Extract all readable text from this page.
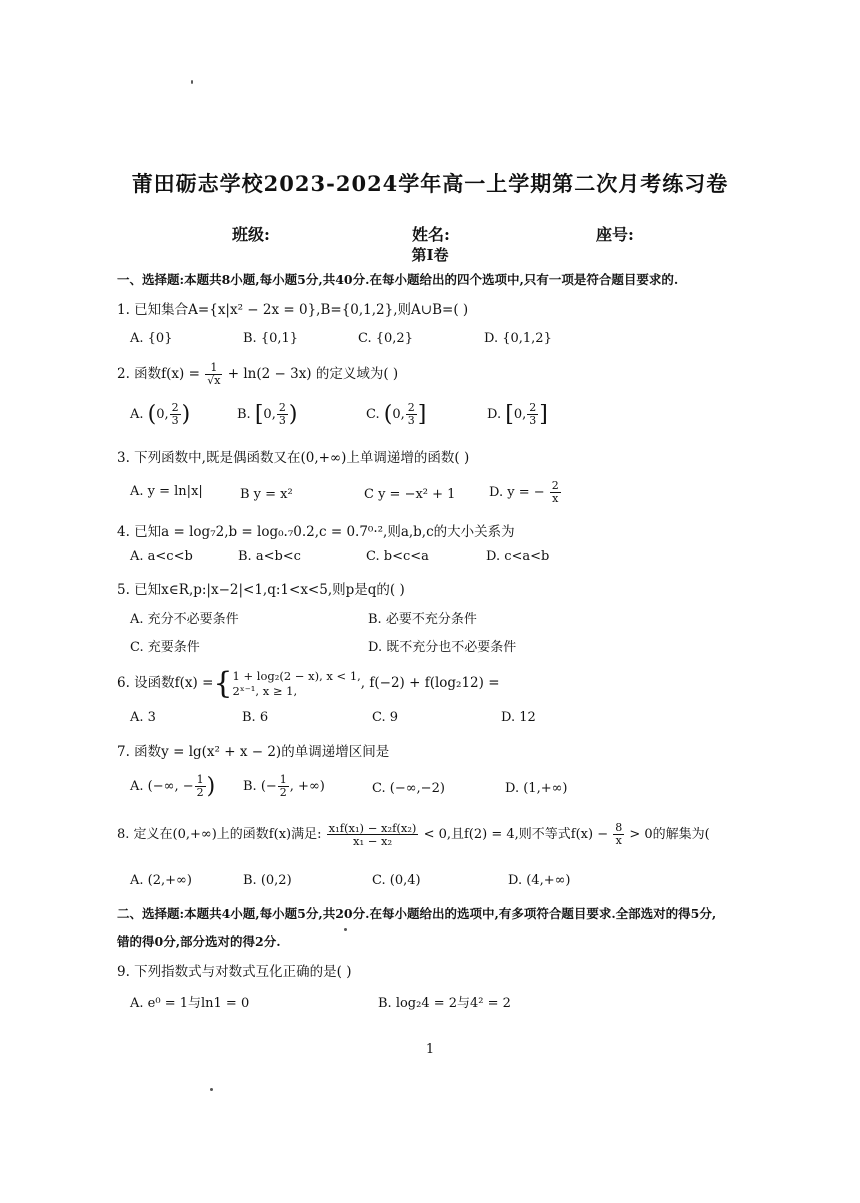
莆田砺志学校2023-2024学年高一上学期第二次月考练习卷
班级:	姓名:	座号:
第I卷
一、选择题:本题共8小题,每小题5分,共40分.在每小题给出的四个选项中,只有一项是符合题目要求的.
1. 已知集合A={x|x² − 2x = 0},B={0,1,2},则A∪B=( )
A. {0}	B. {0,1}	C. {0,2}	D. {0,1,2}
2. 函数$f(x) = \frac{1}{√x} + \ln(2 - 3x)$ 的定义域为( )
A. (0, $\frac{2}{3}$ )	B. [0, $\frac{2}{3}$ )	C. (0, $\frac{2}{3}$ ]	D. [0, $\frac{2}{3}$ ]
3. 下列函数中,既是偶函数又在(0,+∞)上单调递增的函数( )
A. y = ln|x|	B y = x²	C y = −x² + 1	D. y = − $\frac{2}{x}$
4. 已知a = log₇2,b = log₀.₇0.2,c = 0.7⁰·²,则a,b,c的大小关系为
A. a<c<b	B. a<b<c	C. b<c<a	D. c<a<b
5. 已知x∈R,p:|x−2|<1,q:1<x<5,则p是q的( )
A. 充分不必要条件	B. 必要不充分条件
C. 充要条件	D. 既不充分也不必要条件
6. 设函数f(x) ={ 1 + log₂(2 − x), x < 1,
2ˣ⁻¹, x ≥ 1,	, f(−2) + f(log₂12) =
A. 3	B. 6	C. 9	D. 12
7. 函数y = lg(x² + x − 2)的单调递增区间是
A. (−∞, − $\frac{1}{2}$ ) B. (− $\frac{1}{2}$ , +∞)	C. (−∞,−2)	D. (1,+∞)
8. 定义在(0,+∞)上的函数f(x)满足: $\frac{\text{x₁f(x₁) − x₂f(x₂)}}{\text{x₁ − x₂}} < 0$,且f(2) = 4,则不等式$f(x) - \frac{8}{x} > 0$的解集为(
A. (2,+∞)	B. (0,2)	C. (0,4)	D. (4,+∞)
二、选择题:本题共4小题,每小题5分,共20分.在每小题给出的选项中,有多项符合题目要求.全部选对的得5分,
错的得0分,部分选对的得2分.
9. 下列指数式与对数式互化正确的是( )
A. e⁰ = 1与ln1 = 0	B. log₂4 = 2与4² = 2
1
